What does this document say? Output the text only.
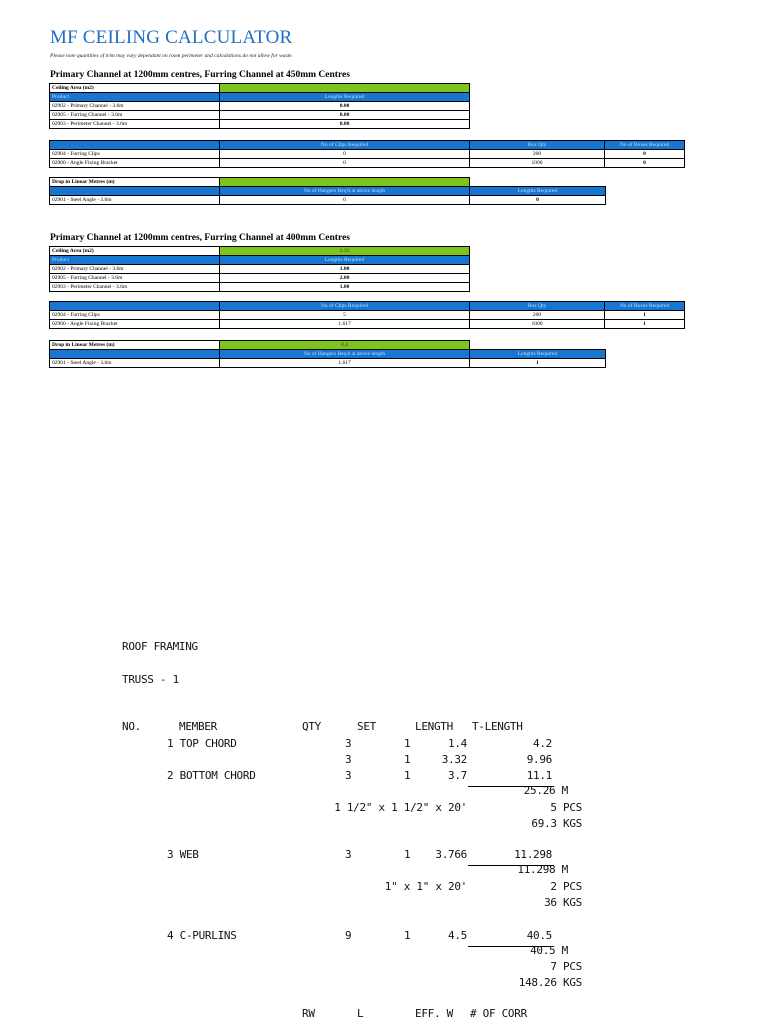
MF CEILING CALCULATOR
Please note quantities of trim may vary dependant on room perimeter and calculations do not allow for waste.
Primary Channel at 1200mm centres, Furring Channel at 450mm Centres
Ceiling Area (m2)	
Product	Lengths Required
02902 - Primary Channel - 3.6m	0.00
02905 - Furring Channel - 3.6m	0.00
02903 - Perimeter Channel - 3.6m	0.00
	No of Clips Required	Box Qty	No of Boxes Required
02904 - Furring Clips	0	200	0
02900 - Angle Fixing Bracket	0	1000	0
Drop in Linear Metres (m)		
	No of Hangers Req'd at above length	Lengths Required
02901 - Steel Angle - 3.6m	0	0
Primary Channel at 1200mm centres, Furring Channel at 400mm Centres
Ceiling Area (m2)	2.31
Product	Lengths Required
02902 - Primary Channel - 3.6m	1.00
02905 - Furring Channel - 3.6m	2.00
02903 - Perimeter Channel - 3.6m	1.00
	No of Clips Required	Box Qty	No of Boxes Required
02904 - Furring Clips	5	200	1
02900 - Angle Fixing Bracket	1.617	1000	1
Drop in Linear Metres (m)	0.4	
	No of Hangers Req'd at above length	Lengths Required
02901 - Steel Angle - 3.6m	1.617	1
ROOF FRAMING
TRUSS - 1
NO.	MEMBER	QTY	SET	LENGTH T-LENGTH
1 TOP CHORD	3	1	1.4	4.2
3	1	3.32	9.96
2 BOTTOM CHORD	3	1	3.7	11.1
25.26 M
1 1/2" x 1 1/2" x 20'	5 PCS
69.3 KGS
3 WEB	3	1 3.766	11.298
11.298 M
1" x 1" x 20'	2 PCS
36 KGS
4 C-PURLINS	9	1	4.5	40.5
40.5 M
7 PCS
148.26 KGS
RW	L	EFF. W # OF CORR
